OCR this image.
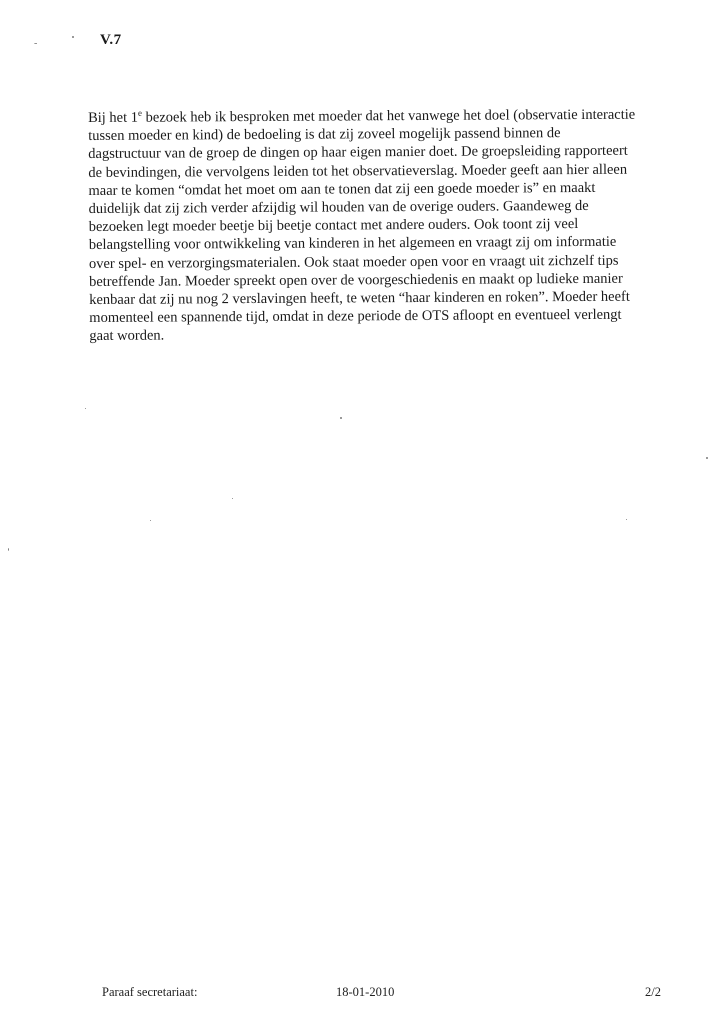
-	V.7

Bij het 1e bezoek heb ik besproken met moeder dat het vanwege het doel (observatie interactie
tussen moeder en kind) de bedoeling is dat zij zoveel mogelijk passend binnen de
dagstructuur van de groep de dingen op haar eigen manier doet. De groepsleiding rapporteert
de bevindingen, die vervolgens leiden tot het observatieverslag. Moeder geeft aan hier alleen
maar te komen “omdat het moet om aan te tonen dat zij een goede moeder is” en maakt
duidelijk dat zij zich verder afzijdig wil houden van de overige ouders. Gaandeweg de
bezoeken legt moeder beetje bij beetje contact met andere ouders. Ook toont zij veel
belangstelling voor ontwikkeling van kinderen in het algemeen en vraagt zij om informatie
over spel- en verzorgingsmaterialen. Ook staat moeder open voor en vraagt uit zichzelf tips
betreffende Jan. Moeder spreekt open over de voorgeschiedenis en maakt op ludieke manier
kenbaar dat zij nu nog 2 verslavingen heeft, te weten “haar kinderen en roken”. Moeder heeft
momenteel een spannende tijd, omdat in deze periode de OTS afloopt en eventueel verlengt
gaat worden.

Paraaf secretariaat:	18-01-2010	2/2
